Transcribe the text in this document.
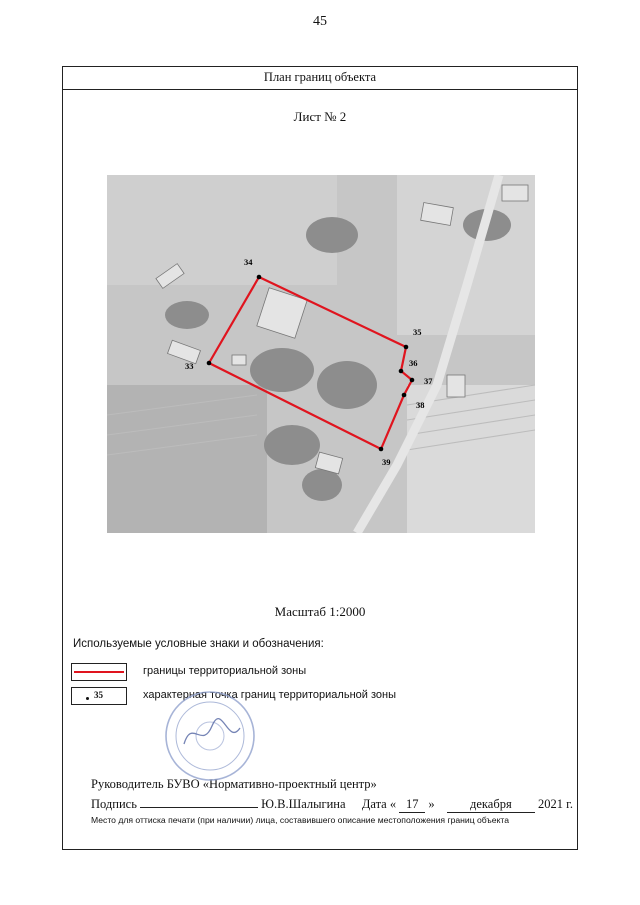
45
План границ объекта
Лист № 2
34
35
36
37
38
39
33
Масштаб 1:2000
Используемые условные знаки и обозначения:
границы территориальной зоны
35	характерная точка границ территориальной зоны
Руководитель БУВО «Нормативно-проектный центр»
Подпись	Ю.В.Шалыгина Дата « 17 »	декабря 2021 г.
Место для оттиска печати (при наличии) лица, составившего описание местоположения границ объекта
